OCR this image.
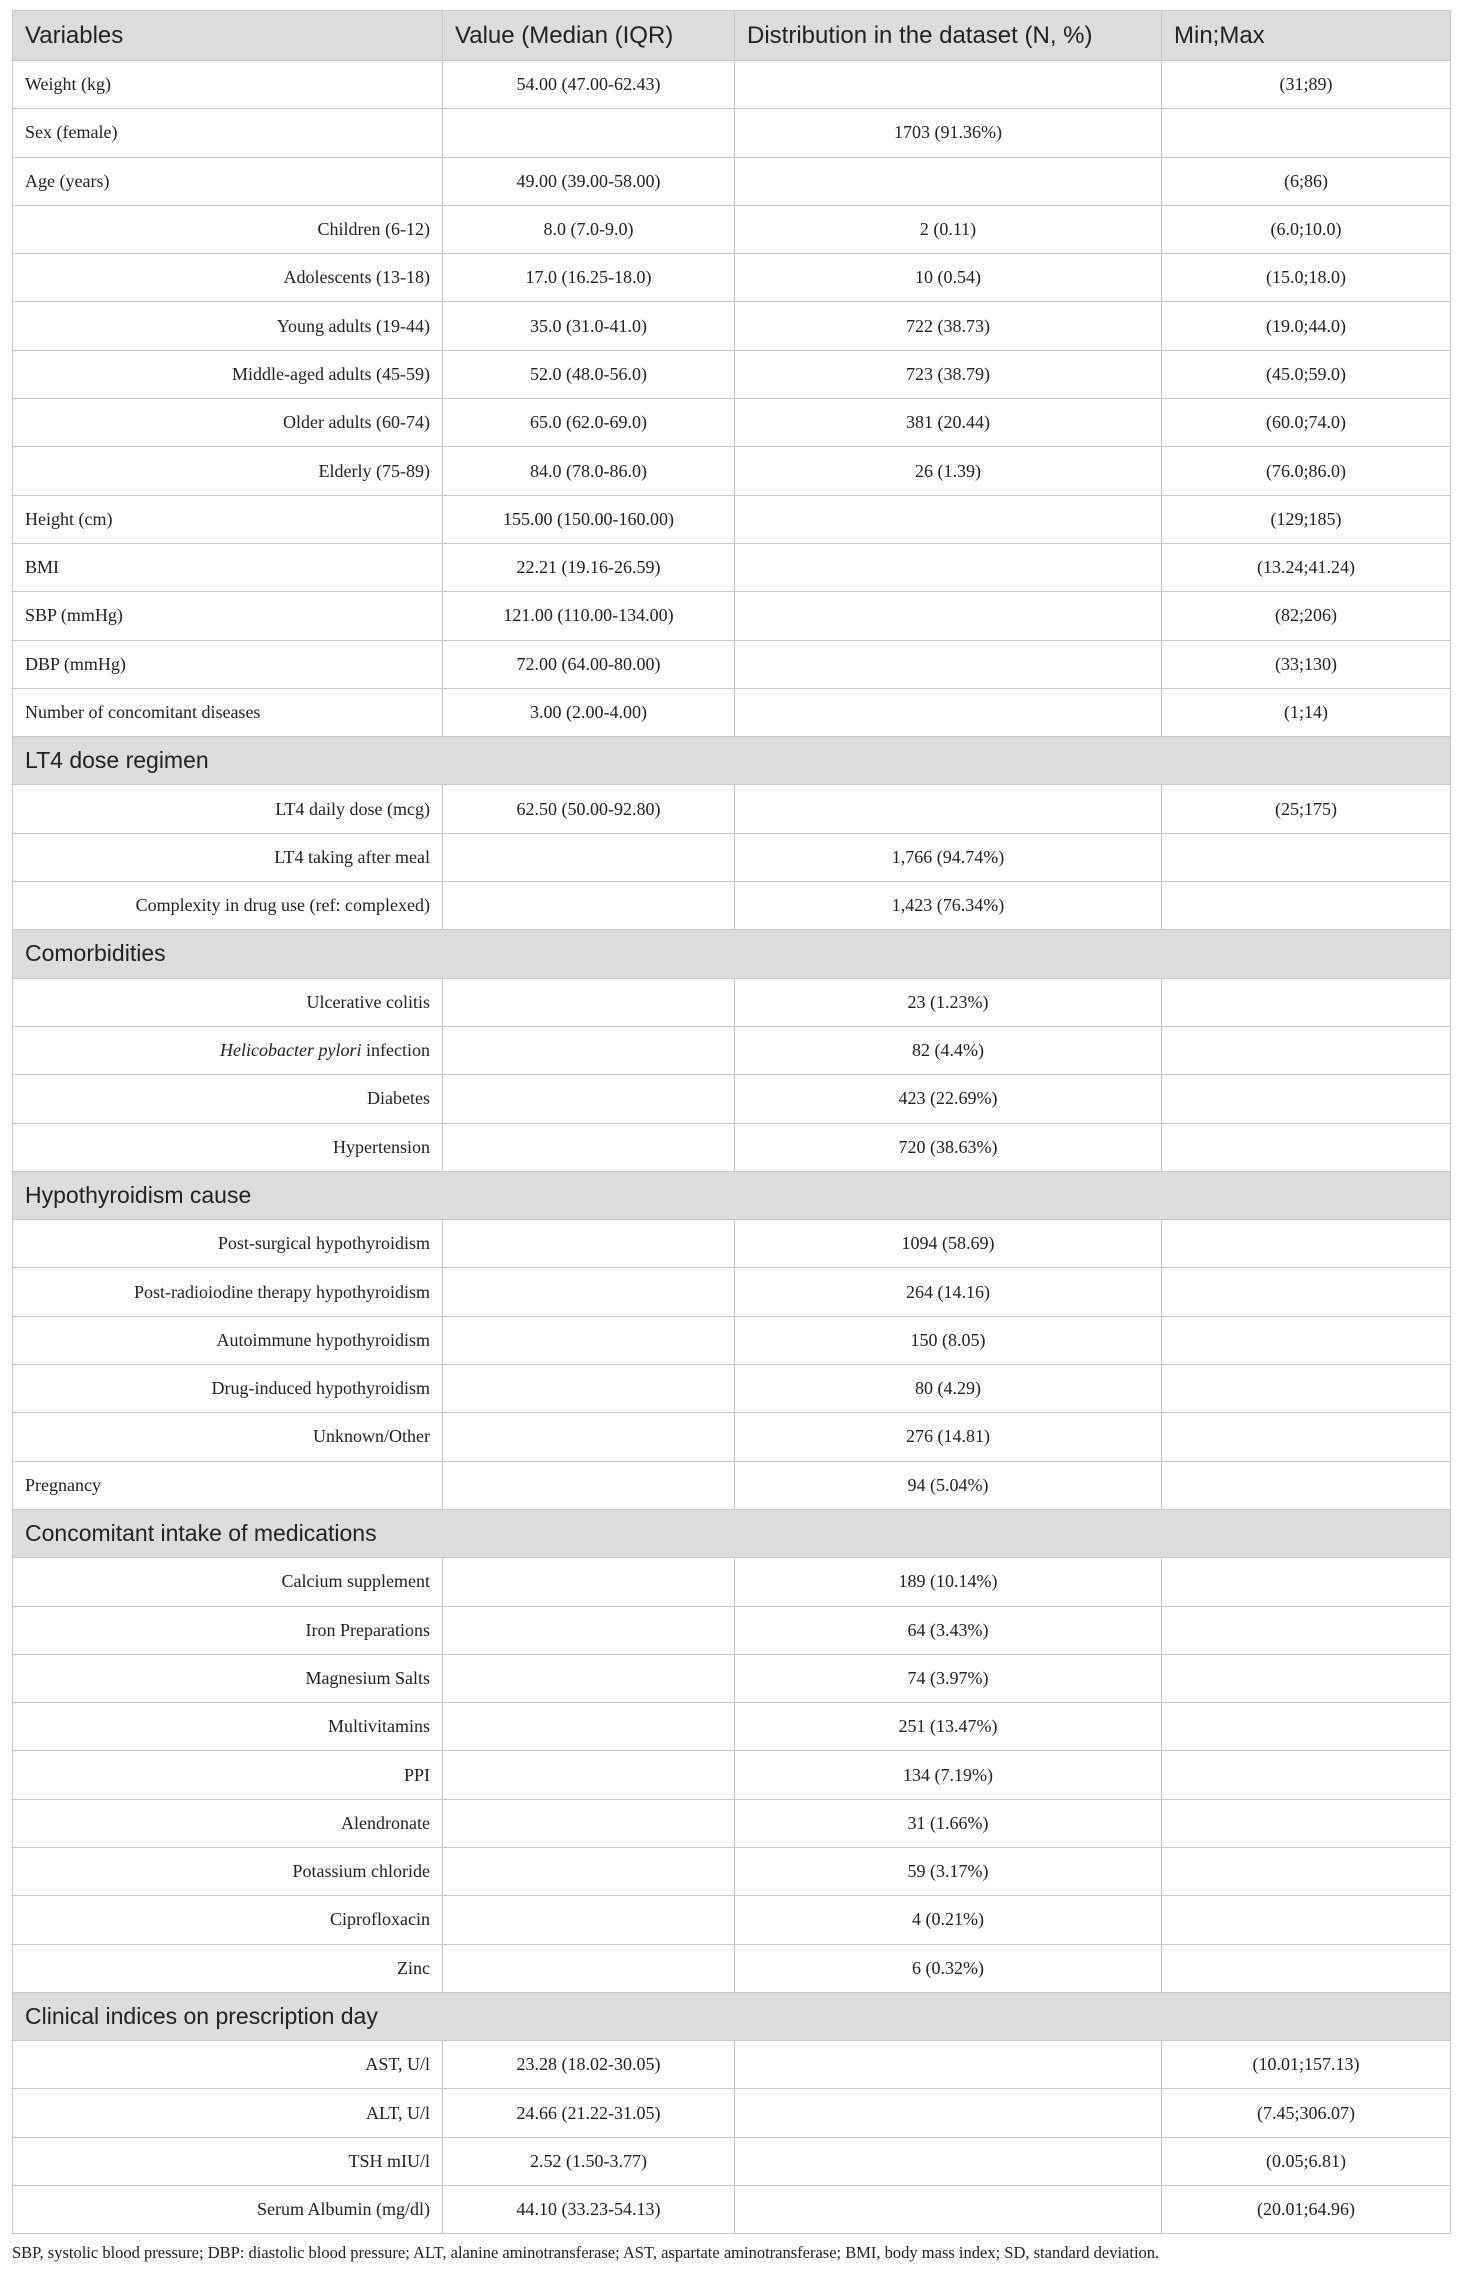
Variables	Value (Median (IQR)	Distribution in the dataset (N, %)	Min;Max
Weight (kg)	54.00 (47.00-62.43)		(31;89)
Sex (female)		1703 (91.36%)	
Age (years)	49.00 (39.00-58.00)		(6;86)
Children (6-12)	8.0 (7.0-9.0)	2 (0.11)	(6.0;10.0)
Adolescents (13-18)	17.0 (16.25-18.0)	10 (0.54)	(15.0;18.0)
Young adults (19-44)	35.0 (31.0-41.0)	722 (38.73)	(19.0;44.0)
Middle-aged adults (45-59)	52.0 (48.0-56.0)	723 (38.79)	(45.0;59.0)
Older adults (60-74)	65.0 (62.0-69.0)	381 (20.44)	(60.0;74.0)
Elderly (75-89)	84.0 (78.0-86.0)	26 (1.39)	(76.0;86.0)
Height (cm)	155.00 (150.00-160.00)		(129;185)
BMI	22.21 (19.16-26.59)		(13.24;41.24)
SBP (mmHg)	121.00 (110.00-134.00)		(82;206)
DBP (mmHg)	72.00 (64.00-80.00)		(33;130)
Number of concomitant diseases	3.00 (2.00-4.00)		(1;14)
LT4 dose regimen			
LT4 daily dose (mcg)	62.50 (50.00-92.80)		(25;175)
LT4 taking after meal		1,766 (94.74%)	
Complexity in drug use (ref: complexed)		1,423 (76.34%)	
Comorbidities			
Ulcerative colitis		23 (1.23%)	
Helicobacter pylori infection		82 (4.4%)	
Diabetes		423 (22.69%)	
Hypertension		720 (38.63%)	
Hypothyroidism cause			
Post-surgical hypothyroidism		1094 (58.69)	
Post-radioiodine therapy hypothyroidism		264 (14.16)	
Autoimmune hypothyroidism		150 (8.05)	
Drug-induced hypothyroidism		80 (4.29)	
Unknown/Other		276 (14.81)	
Pregnancy		94 (5.04%)	
Concomitant intake of medications			
Calcium supplement		189 (10.14%)	
Iron Preparations		64 (3.43%)	
Magnesium Salts		74 (3.97%)	
Multivitamins		251 (13.47%)	
PPI		134 (7.19%)	
Alendronate		31 (1.66%)	
Potassium chloride		59 (3.17%)	
Ciprofloxacin		4 (0.21%)	
Zinc		6 (0.32%)	
Clinical indices on prescription day			
AST, U/l	23.28 (18.02-30.05)		(10.01;157.13)
ALT, U/l	24.66 (21.22-31.05)		(7.45;306.07)
TSH mIU/l	2.52 (1.50-3.77)		(0.05;6.81)
Serum Albumin (mg/dl)	44.10 (33.23-54.13)		(20.01;64.96)
SBP, systolic blood pressure; DBP: diastolic blood pressure; ALT, alanine aminotransferase; AST, aspartate aminotransferase; BMI, body mass index; SD, standard deviation.
